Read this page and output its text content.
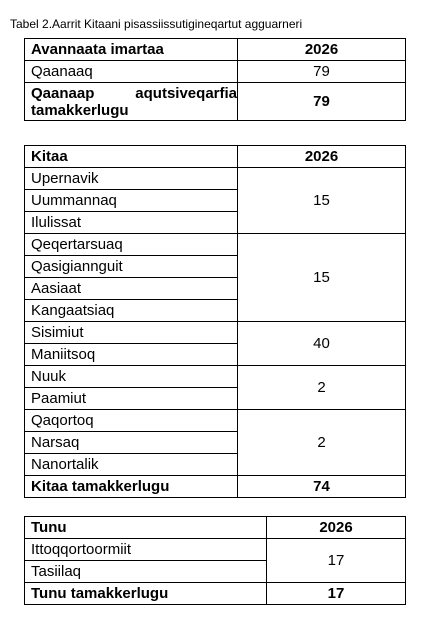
Tabel 2.Aarrit Kitaani pisassiissutigineqartut agguarneri
Avannaata imartaa	2026
Qaanaaq	79
Qaanaap aqutsiveqarfia tamakkerlugu	79
Kitaa	2026
Upernavik	15
Uummannaq	
Ilulissat	
Qeqertarsuaq	15
Qasigiannguit	
Aasiaat	
Kangaatsiaq	
Sisimiut	40
Maniitsoq	
Nuuk	2
Paamiut	
Qaqortoq	2
Narsaq	
Nanortalik	
Kitaa tamakkerlugu	74
Tunu	2026
Ittoqqortoormiit	17
Tasiilaq	
Tunu tamakkerlugu	17
